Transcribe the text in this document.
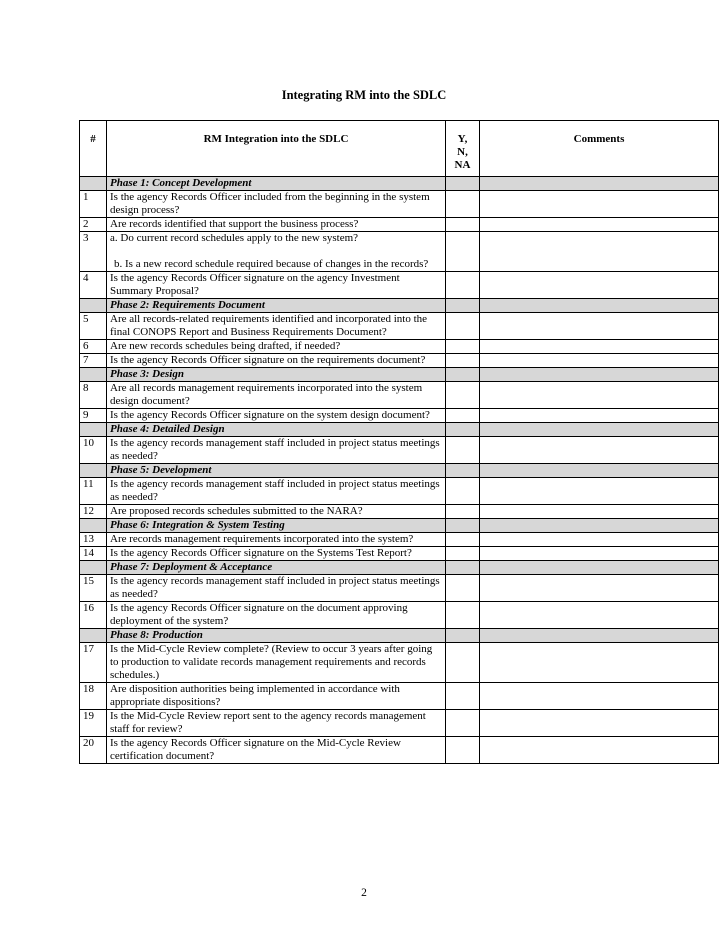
Integrating RM into the SDLC
#	RM Integration into the SDLC	Y,
N,
NA	Comments
	Phase 1: Concept Development		
1	Is the agency Records Officer included from the beginning in the system design process?		
2	Are records identified that support the business process?		
3	a. Do current record schedules apply to the new system?
b. Is a new record schedule required because of changes in the records?		

4	Is the agency Records Officer signature on the agency Investment Summary Proposal?		
	Phase 2: Requirements Document		
5	Are all records-related requirements identified and incorporated into the final CONOPS Report and Business Requirements Document?		
6	Are new records schedules being drafted, if needed?		
7	Is the agency Records Officer signature on the requirements document?		
	Phase 3: Design		
8	Are all records management requirements incorporated into the system design document?		
9	Is the agency Records Officer signature on the system design document?		
	Phase 4: Detailed Design		
10	Is the agency records management staff included in project status meetings as needed?		
	Phase 5: Development		
11	Is the agency records management staff included in project status meetings as needed?		
12	Are proposed records schedules submitted to the NARA?		
	Phase 6: Integration & System Testing		
13	Are records management requirements incorporated into the system?		
14	Is the agency Records Officer signature on the Systems Test Report?		
	Phase 7: Deployment & Acceptance		
15	Is the agency records management staff included in project status meetings as needed?		
16	Is the agency Records Officer signature on the document approving deployment of the system?		
	Phase 8: Production		
17	Is the Mid-Cycle Review complete? (Review to occur 3 years after going to production to validate records management requirements and records schedules.)		
18	Are disposition authorities being implemented in accordance with appropriate dispositions?		
19	Is the Mid-Cycle Review report sent to the agency records management staff for review?		
20	Is the agency Records Officer signature on the Mid-Cycle Review certification document?		
2
